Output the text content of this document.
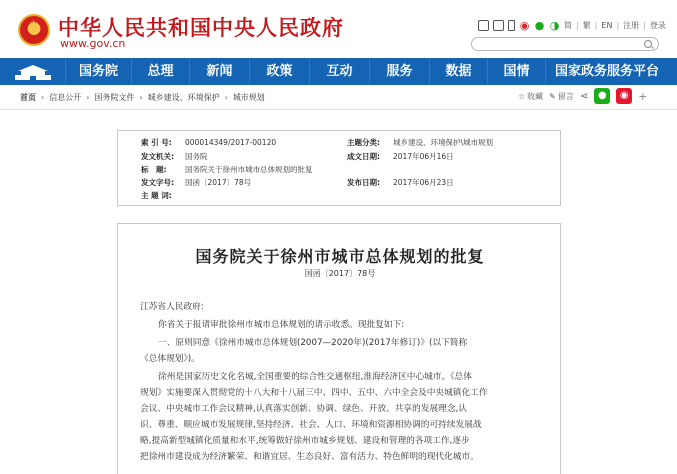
★
中华人民共和国中央人民政府
www.gov.cn
◉ ● ◑ 简 | 繁 | EN | 注册 | 登录
国务院	总理	新闻	政策	互动	服务	数据	国情	国家政务服务平台
首页 › 信息公开 › 国务院文件 › 城乡建设、环境保护 › 城市规划	☆ 收藏 ✎ 留言 ⋖ ●	◉ +
索 引 号: 000014349/2017-00120	主题分类: 城乡建设、环境保护\城市规划
发文机关: 国务院	成文日期: 2017年06月16日
标　题: 国务院关于徐州市城市总体规划的批复
发文字号: 国函〔2017〕78号	发布日期: 2017年06月23日
主 题 词:
国务院关于徐州市城市总体规划的批复
国函〔2017〕78号
江苏省人民政府:
你省关于报请审批徐州市城市总体规划的请示收悉。现批复如下:
一、原则同意《徐州市城市总体规划(2007—2020年)(2017年修订)》(以下简称
《总体规划》)。
徐州是国家历史文化名城,全国重要的综合性交通枢纽,淮海经济区中心城市。《总体
规划》实施要深入贯彻党的十八大和十八届三中、四中、五中、六中全会及中央城镇化工作
会议、中央城市工作会议精神,认真落实创新、协调、绿色、开放、共享的发展理念,认
识、尊重、顺应城市发展规律,坚持经济、社会、人口、环境和资源相协调的可持续发展战
略,提高新型城镇化质量和水平,统筹做好徐州市城乡规划、建设和管理的各项工作,逐步
把徐州市建设成为经济繁荣、和谐宜居、生态良好、富有活力、特色鲜明的现代化城市。
